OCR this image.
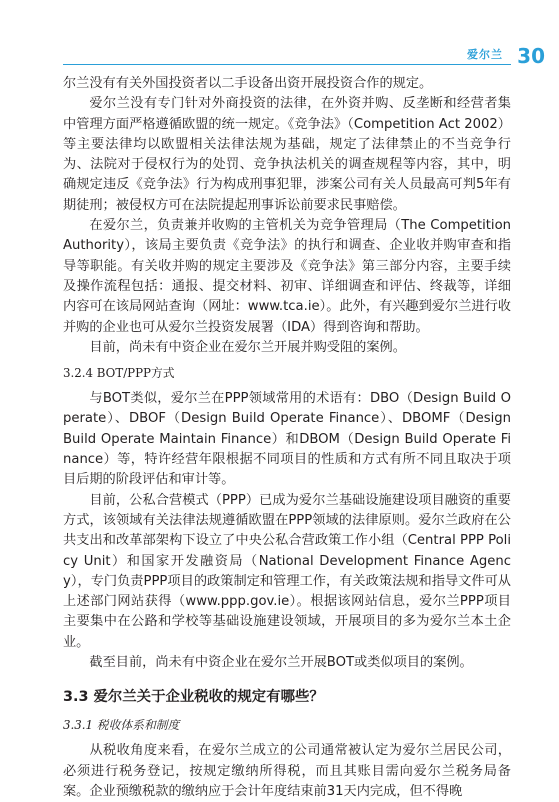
爱尔兰 30

尔兰没有有关外国投资者以二手设备出资开展投资合作的规定。

爱尔兰没有专门针对外商投资的法律，在外资并购、反垄断和经营者集中管理方面严格遵循欧盟的统一规定。《竞争法》（Competition Act 2002）等主要法律均以欧盟相关法律法规为基础，规定了法律禁止的不当竞争行为、法院对于侵权行为的处罚、竞争执法机关的调查规程等内容，其中，明确规定违反《竞争法》行为构成刑事犯罪，涉案公司有关人员最高可判5年有期徒刑；被侵权方可在法院提起刑事诉讼前要求民事赔偿。

在爱尔兰，负责兼并收购的主管机关为竞争管理局（The Competition Authority），该局主要负责《竞争法》的执行和调查、企业收并购审查和指导等职能。有关收并购的规定主要涉及《竞争法》第三部分内容，主要手续及操作流程包括：通报、提交材料、初审、详细调查和评估、终裁等，详细内容可在该局网站查询（网址：www.tca.ie）。此外，有兴趣到爱尔兰进行收并购的企业也可从爱尔兰投资发展署（IDA）得到咨询和帮助。

目前，尚未有中资企业在爱尔兰开展并购受阻的案例。

3.2.4 BOT/PPP方式

与BOT类似，爱尔兰在PPP领域常用的术语有：DBO（Design Build Operate）、DBOF（Design Build Operate Finance）、DBOMF（Design Build Operate Maintain Finance）和DBOM（Design Build Operate Finance）等，特许经营年限根据不同项目的性质和方式有所不同且取决于项目后期的阶段评估和审计等。

目前，公私合营模式（PPP）已成为爱尔兰基础设施建设项目融资的重要方式，该领域有关法律法规遵循欧盟在PPP领域的法律原则。爱尔兰政府在公共支出和改革部架构下设立了中央公私合营政策工作小组（Central PPP Policy Unit）和国家开发融资局（National Development Finance Agency），专门负责PPP项目的政策制定和管理工作，有关政策法规和指导文件可从上述部门网站获得（www.ppp.gov.ie）。根据该网站信息，爱尔兰PPP项目主要集中在公路和学校等基础设施建设领域，开展项目的多为爱尔兰本土企业。

截至目前，尚未有中资企业在爱尔兰开展BOT或类似项目的案例。

3.3 爱尔兰关于企业税收的规定有哪些？
3.3.1 税收体系和制度

从税收角度来看，在爱尔兰成立的公司通常被认定为爱尔兰居民公司，必须进行税务登记，按规定缴纳所得税，而且其账目需向爱尔兰税务局备案。企业预缴税款的缴纳应于会计年度结束前31天内完成，但不得晚
